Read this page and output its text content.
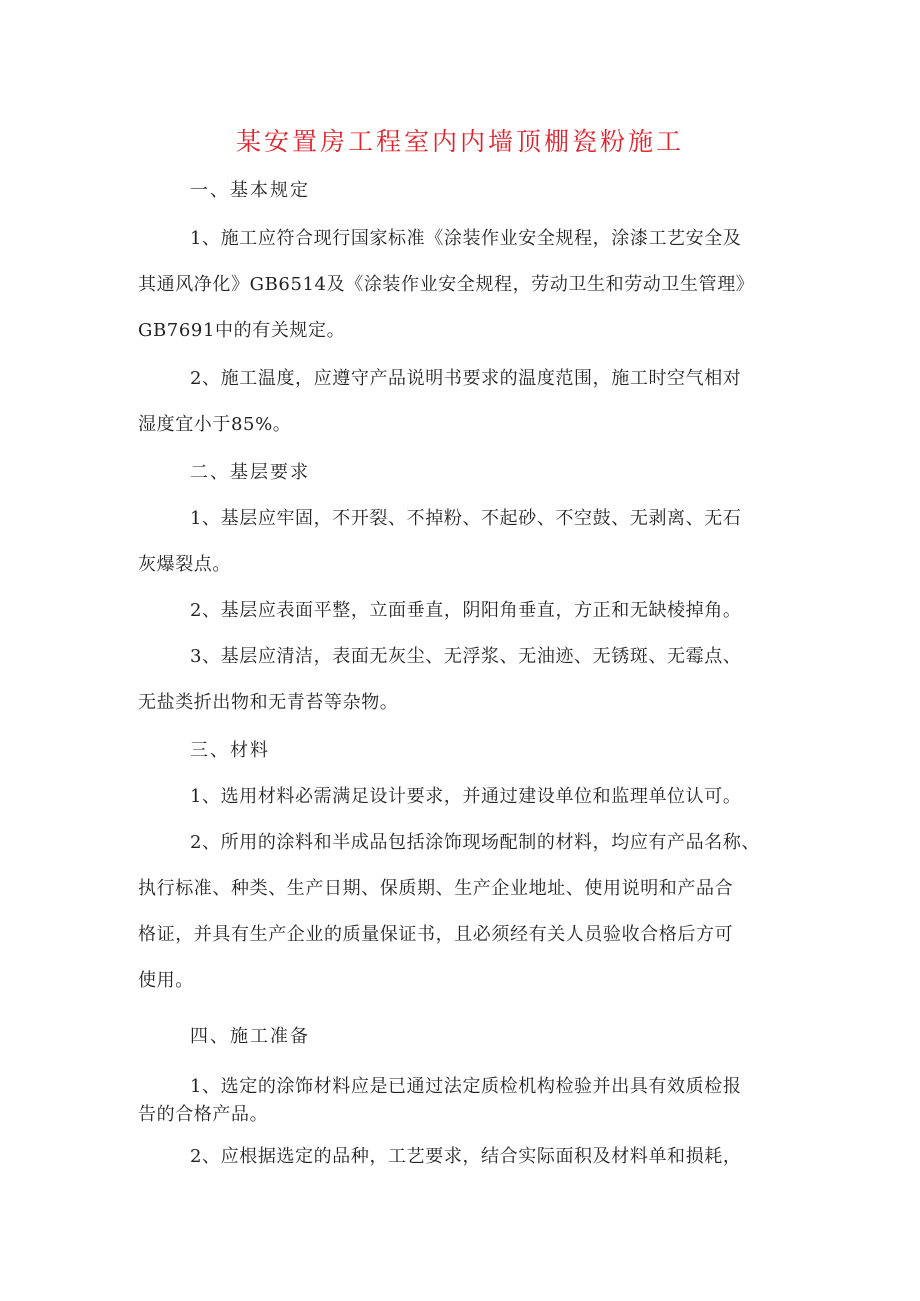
某安置房工程室内内墙顶棚瓷粉施工
一、基本规定
1、施工应符合现行国家标准《涂装作业安全规程，涂漆工艺安全及
其通风净化》GB6514及《涂装作业安全规程，劳动卫生和劳动卫生管理》
GB7691中的有关规定。
2、施工温度，应遵守产品说明书要求的温度范围，施工时空气相对
湿度宜小于85%。
二、基层要求
1、基层应牢固，不开裂、不掉粉、不起砂、不空鼓、无剥离、无石
灰爆裂点。
2、基层应表面平整，立面垂直，阴阳角垂直，方正和无缺棱掉角。
3、基层应清洁，表面无灰尘、无浮浆、无油迹、无锈斑、无霉点、
无盐类折出物和无青苔等杂物。
三、材料
1、选用材料必需满足设计要求，并通过建设单位和监理单位认可。
2、所用的涂料和半成品包括涂饰现场配制的材料，均应有产品名称、
执行标准、种类、生产日期、保质期、生产企业地址、使用说明和产品合
格证，并具有生产企业的质量保证书，且必须经有关人员验收合格后方可
使用。
四、施工准备
1、选定的涂饰材料应是已通过法定质检机构检验并出具有效质检报
告的合格产品。
2、应根据选定的品种，工艺要求，结合实际面积及材料单和损耗，
